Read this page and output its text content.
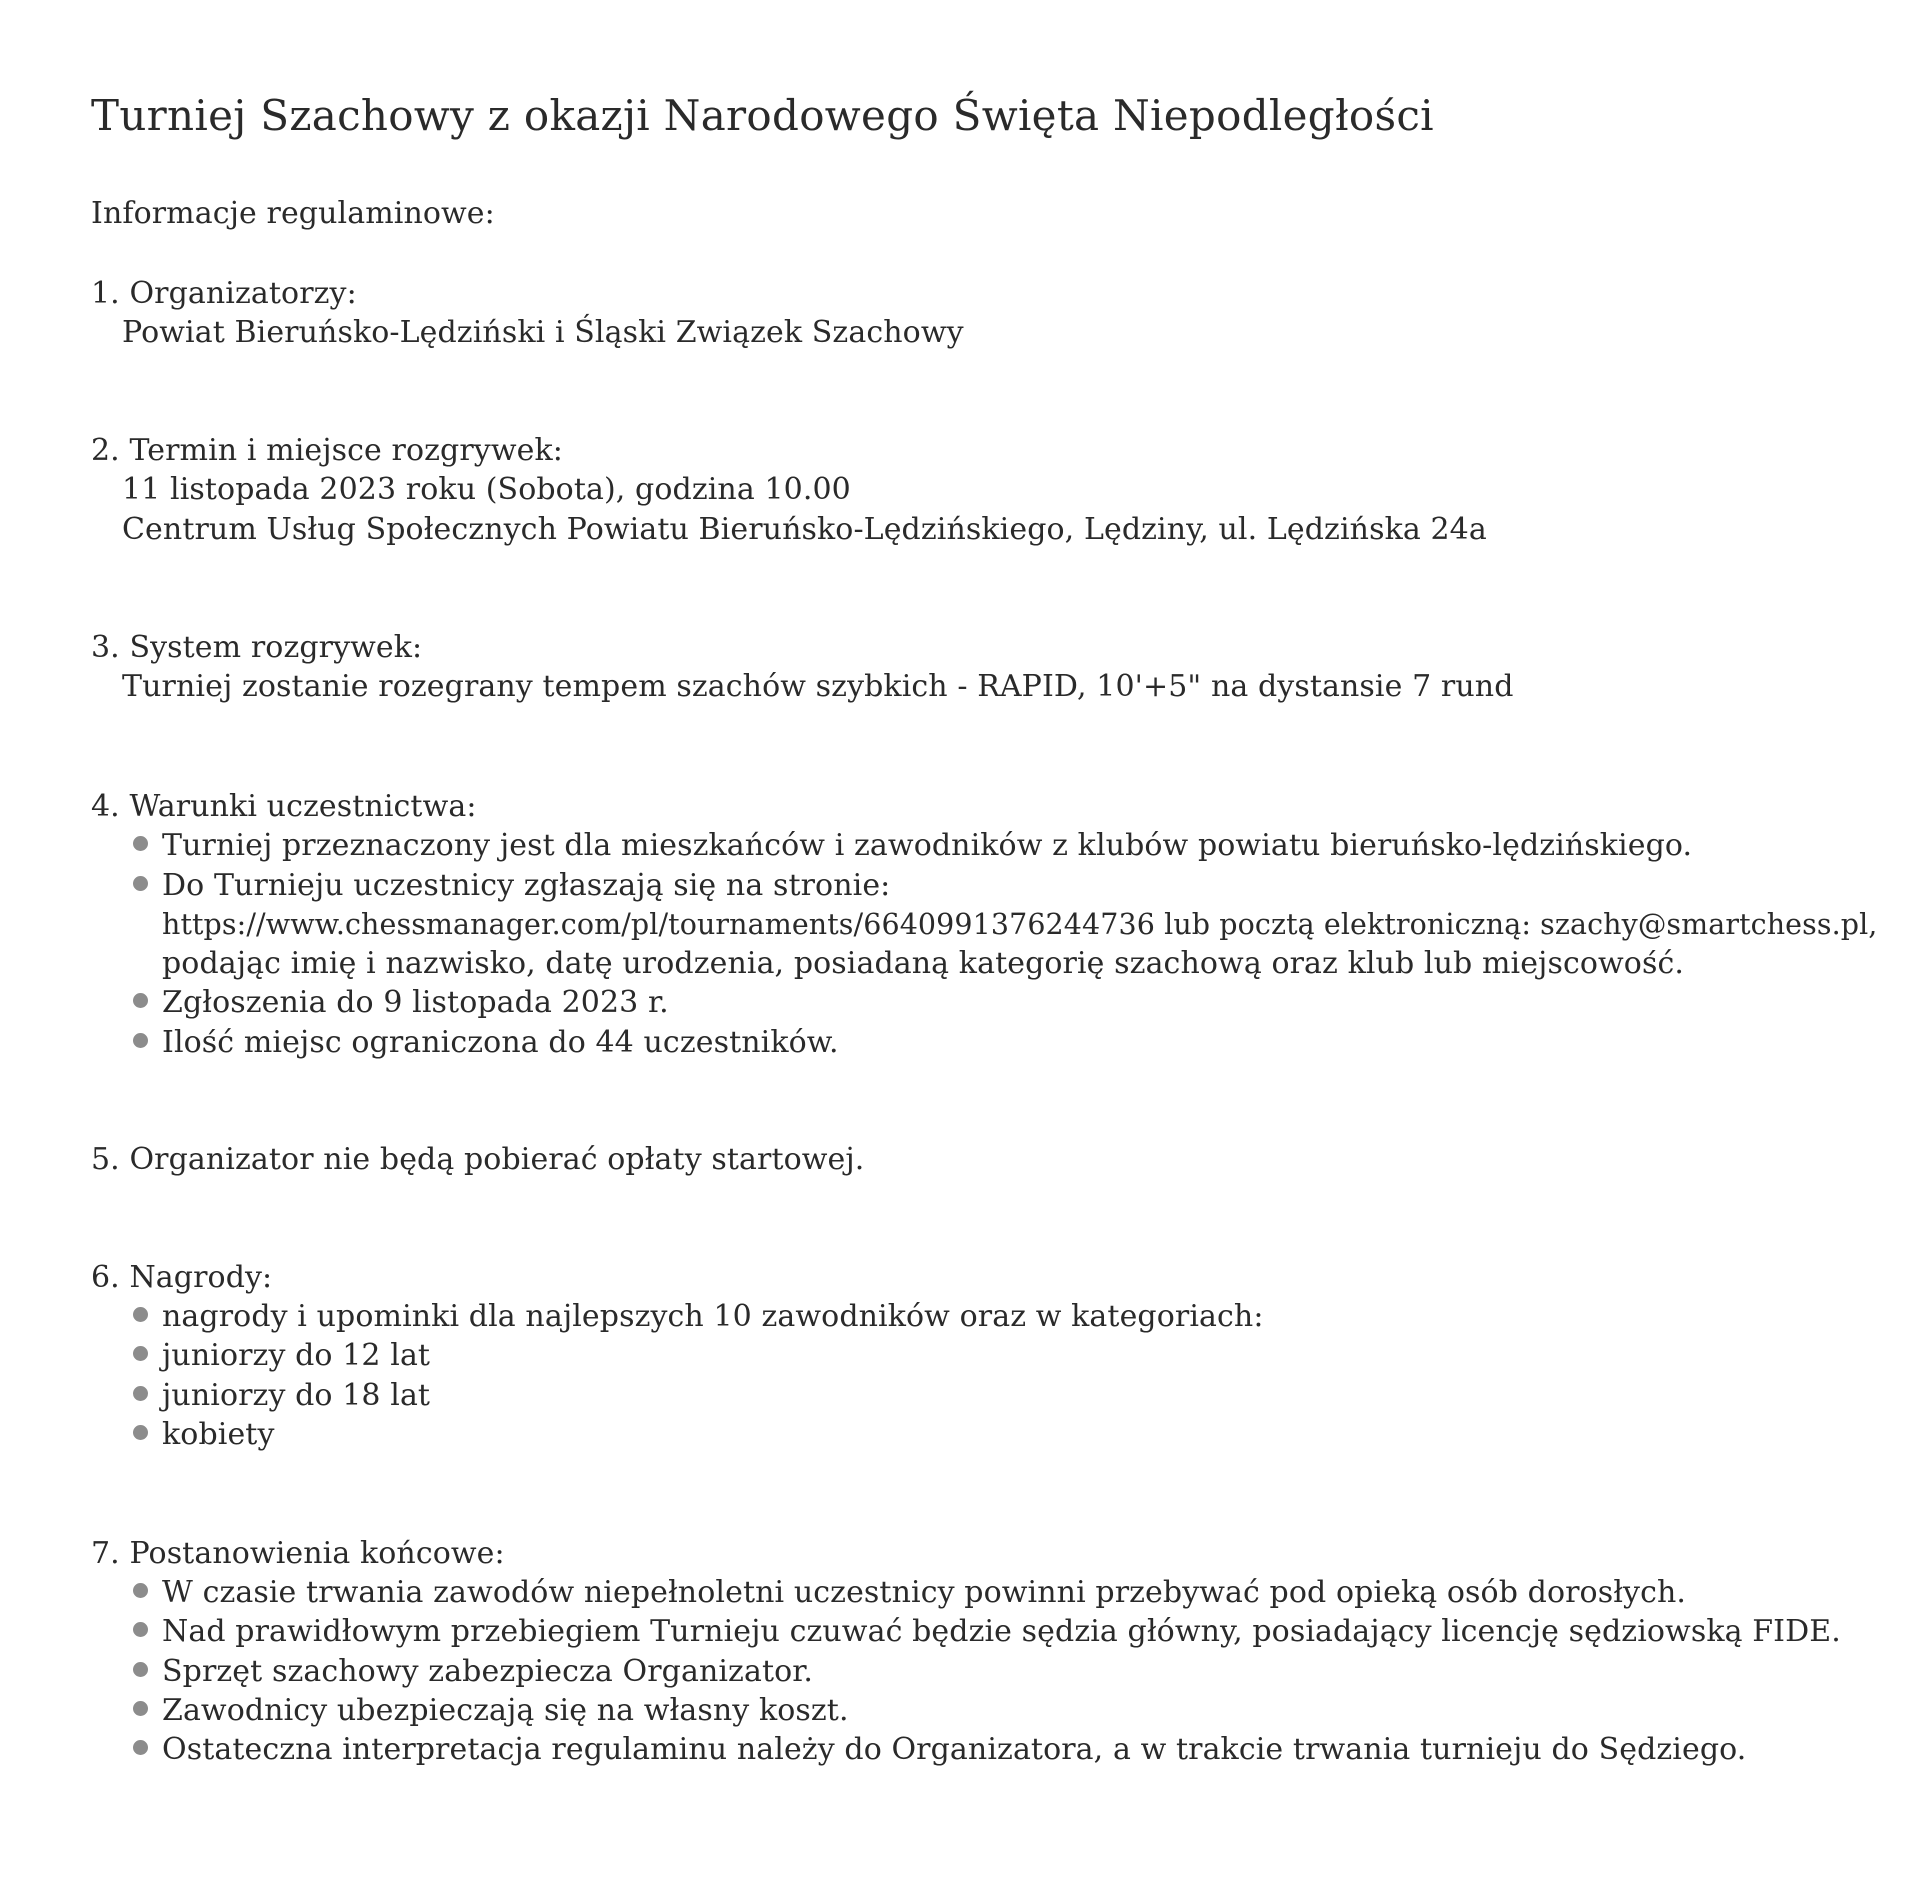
Turniej Szachowy z okazji Narodowego Święta Niepodległości
Informacje regulaminowe:
1. Organizatorzy:
Powiat Bieruńsko-Lędziński i Śląski Związek Szachowy
2. Termin i miejsce rozgrywek:
11 listopada 2023 roku (Sobota), godzina 10.00
Centrum Usług Społecznych Powiatu Bieruńsko-Lędzińskiego, Lędziny, ul. Lędzińska 24a
3. System rozgrywek:
Turniej zostanie rozegrany tempem szachów szybkich - RAPID, 10'+5" na dystansie 7 rund
4. Warunki uczestnictwa:
Turniej przeznaczony jest dla mieszkańców i zawodników z klubów powiatu bieruńsko-lędzińskiego.
Do Turnieju uczestnicy zgłaszają się na stronie:
https://www.chessmanager.com/pl/tournaments/6640991376244736 lub pocztą elektroniczną: szachy@smartchess.pl,
podając imię i nazwisko, datę urodzenia, posiadaną kategorię szachową oraz klub lub miejscowość.
Zgłoszenia do 9 listopada 2023 r.
Ilość miejsc ograniczona do 44 uczestników.
5. Organizator nie będą pobierać opłaty startowej.
6. Nagrody:
nagrody i upominki dla najlepszych 10 zawodników oraz w kategoriach:
juniorzy do 12 lat
juniorzy do 18 lat
kobiety
7. Postanowienia końcowe:
W czasie trwania zawodów niepełnoletni uczestnicy powinni przebywać pod opieką osób dorosłych.
Nad prawidłowym przebiegiem Turnieju czuwać będzie sędzia główny, posiadający licencję sędziowską FIDE.
Sprzęt szachowy zabezpiecza Organizator.
Zawodnicy ubezpieczają się na własny koszt.
Ostateczna interpretacja regulaminu należy do Organizatora, a w trakcie trwania turnieju do Sędziego.
